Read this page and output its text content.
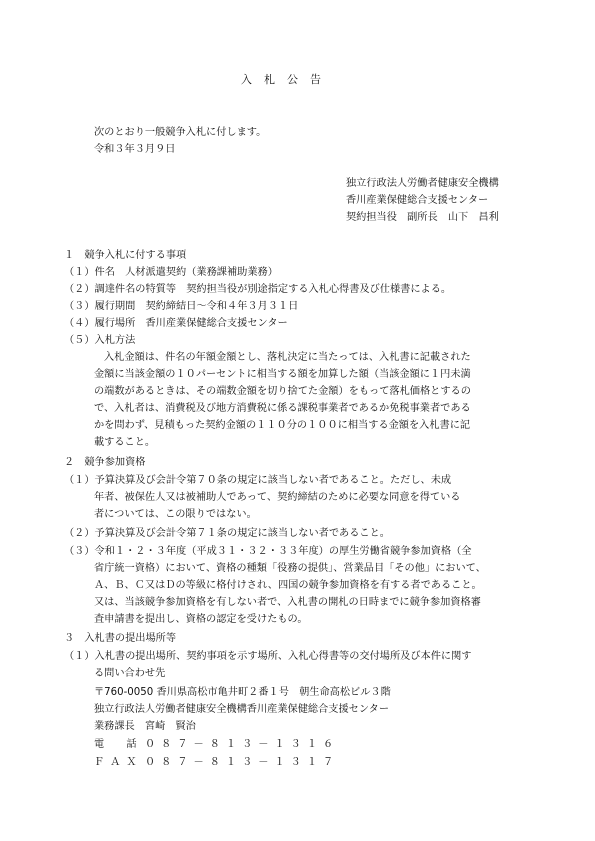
入札公告
次のとおり一般競争入札に付します。
令和３年３月９日
独立行政法人労働者健康安全機構
香川産業保健総合支援センター
契約担当役　副所長　山下　昌利
１　競争入札に付する事項
（１）件名　人材派遣契約（業務課補助業務）
（２）調達件名の特質等　契約担当役が別途指定する入札心得書及び仕様書による。
（３）履行期間　契約締結日～令和４年３月３１日
（４）履行場所　香川産業保健総合支援センター
（５）入札方法
入札金額は、件名の年額金額とし、落札決定に当たっては、入札書に記載された
金額に当該金額の１０パーセントに相当する額を加算した額（当該金額に１円未満
の端数があるときは、その端数金額を切り捨てた金額）をもって落札価格とするの
で、入札者は、消費税及び地方消費税に係る課税事業者であるか免税事業者である
かを問わず、見積もった契約金額の１１０分の１００に相当する金額を入札書に記
載すること。
２　競争参加資格
（１）予算決算及び会計令第７０条の規定に該当しない者であること。ただし、未成
年者、被保佐人又は被補助人であって、契約締結のために必要な同意を得ている
者については、この限りではない。
（２）予算決算及び会計令第７１条の規定に該当しない者であること。
（３）令和１・２・３年度（平成３１・３２・３３年度）の厚生労働省競争参加資格（全
省庁統一資格）において、資格の種類「役務の提供」、営業品目「その他」において、
Ａ、Ｂ、Ｃ又はＤの等級に格付けされ、四国の競争参加資格を有する者であること。
又は、当該競争参加資格を有しない者で、入札書の開札の日時までに競争参加資格審
査申請書を提出し、資格の認定を受けたもの。
３　入札書の提出場所等
（１）入札書の提出場所、契約事項を示す場所、入札心得書等の交付場所及び本件に関す
る問い合わせ先
〒760-0050 香川県高松市亀井町２番１号　朝生命高松ビル３階
独立行政法人労働者健康安全機構香川産業保健総合支援センター
業務課長　宮崎　賢治
電　話 ０８７－８１３－１３１６
ＦＡＸ ０８７－８１３－１３１７
